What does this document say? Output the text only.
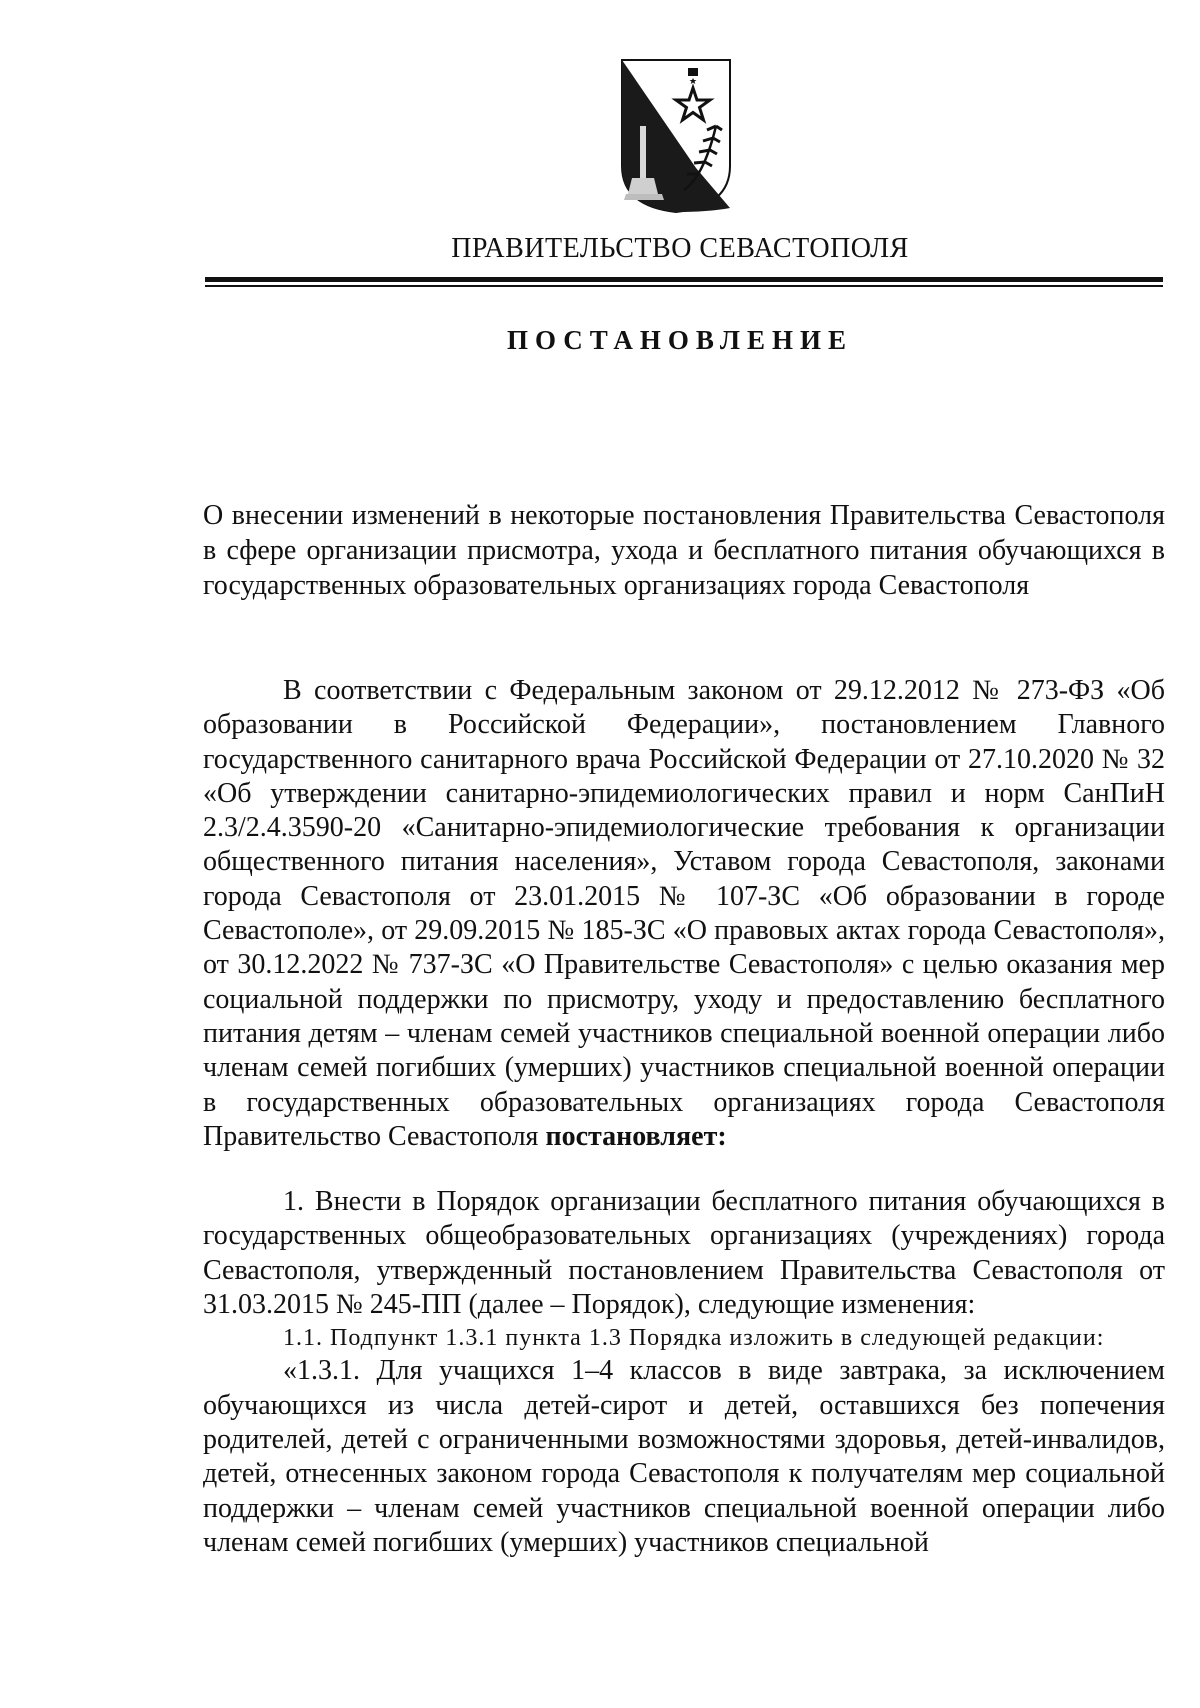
ПРАВИТЕЛЬСТВО СЕВАСТОПОЛЯ
ПОСТАНОВЛЕНИЕ
О внесении изменений в некоторые постановления Правительства Севастополя в сфере организации присмотра, ухода и бесплатного питания обучающихся в государственных образовательных организациях города Севастополя

В соответствии с Федеральным законом от 29.12.2012 № 273-ФЗ «Об образовании в Российской Федерации», постановлением Главного государственного санитарного врача Российской Федерации от 27.10.2020 № 32 «Об утверждении санитарно-эпидемиологических правил и норм СанПиН 2.3/2.4.3590-20 «Санитарно-эпидемиологические требования к организации общественного питания населения», Уставом города Севастополя, законами города Севастополя от 23.01.2015 № 107-ЗС «Об образовании в городе Севастополе», от 29.09.2015 № 185-ЗС «О правовых актах города Севастополя», от 30.12.2022 № 737-ЗС «О Правительстве Севастополя» с целью оказания мер социальной поддержки по присмотру, уходу и предоставлению бесплатного питания детям – членам семей участников специальной военной операции либо членам семей погибших (умерших) участников специальной военной операции в государственных образовательных организациях города Севастополя Правительство Севастополя постановляет:

1. Внести в Порядок организации бесплатного питания обучающихся в государственных общеобразовательных организациях (учреждениях) города Севастополя, утвержденный постановлением Правительства Севастополя от 31.03.2015 № 245-ПП (далее – Порядок), следующие изменения:

1.1. Подпункт 1.3.1 пункта 1.3 Порядка изложить в следующей редакции:

«1.3.1. Для учащихся 1–4 классов в виде завтрака, за исключением обучающихся из числа детей-сирот и детей, оставшихся без попечения родителей, детей с ограниченными возможностями здоровья, детей-инвалидов, детей, отнесенных законом города Севастополя к получателям мер социальной поддержки – членам семей участников специальной военной операции либо членам семей погибших (умерших) участников специальной
